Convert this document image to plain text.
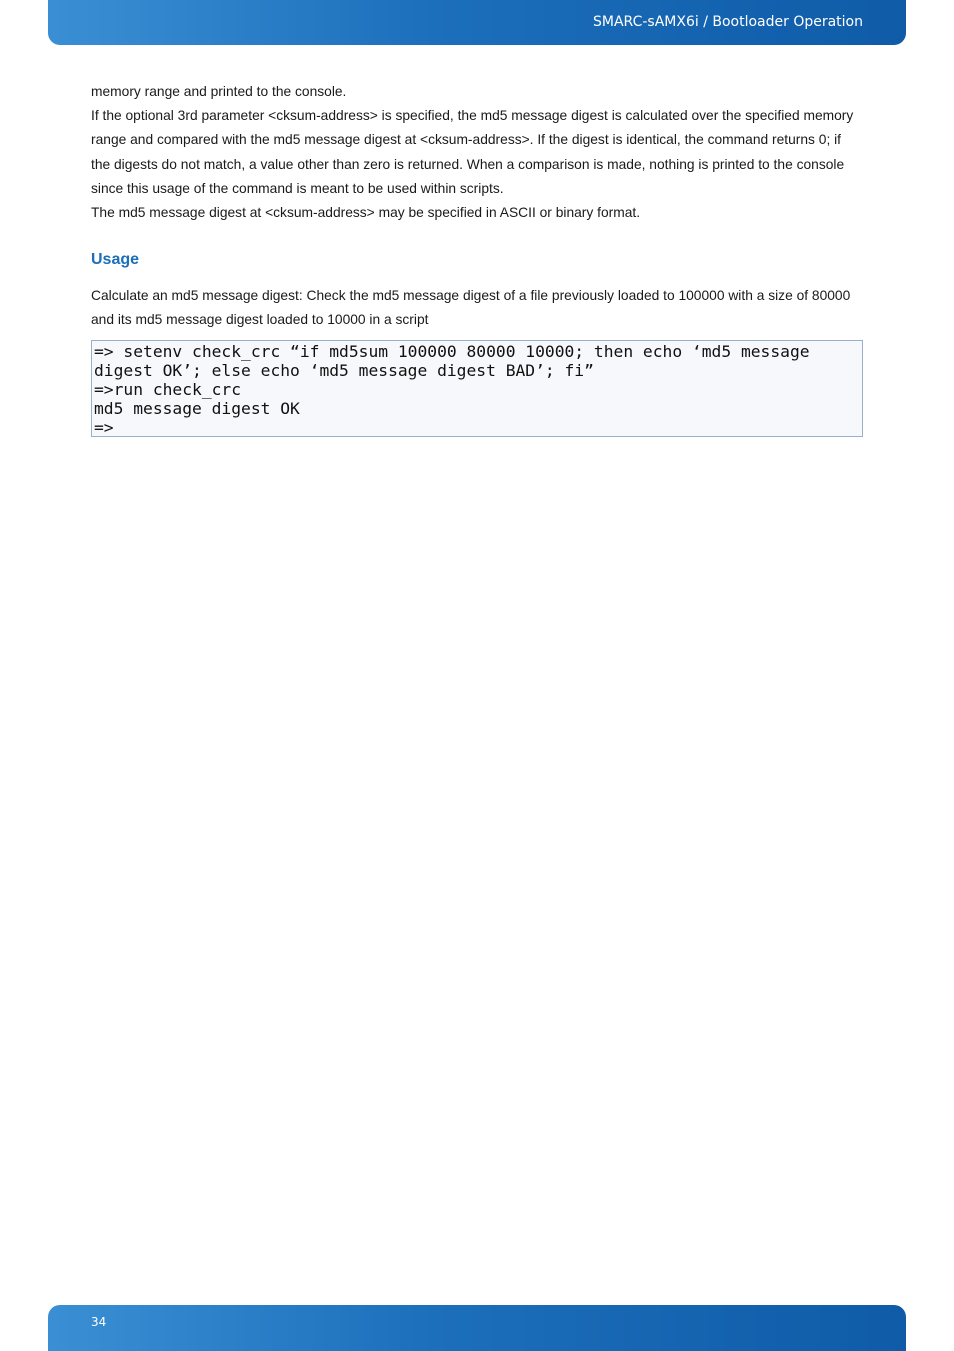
SMARC-sAMX6i / Bootloader Operation

memory range and printed to the console.

If the optional 3rd parameter <cksum-address> is specified, the md5 message digest is calculated over the specified memory range and compared with the md5 message digest at <cksum-address>. If the digest is identical, the command returns 0; if the digests do not match, a value other than zero is returned. When a comparison is made, nothing is printed to the console since this usage of the command is meant to be used within scripts.

The md5 message digest at <cksum-address> may be specified in ASCII or binary format.

Usage

Calculate an md5 message digest: Check the md5 message digest of a file previously loaded to 100000 with a size of 80000 and its md5 message digest loaded to 10000 in a script

=> setenv check_crc “if md5sum 100000 80000 10000; then echo ‘md5 message

digest OK’; else echo ‘md5 message digest BAD’; fi”

=>run check_crc

md5 message digest OK

=>

34
